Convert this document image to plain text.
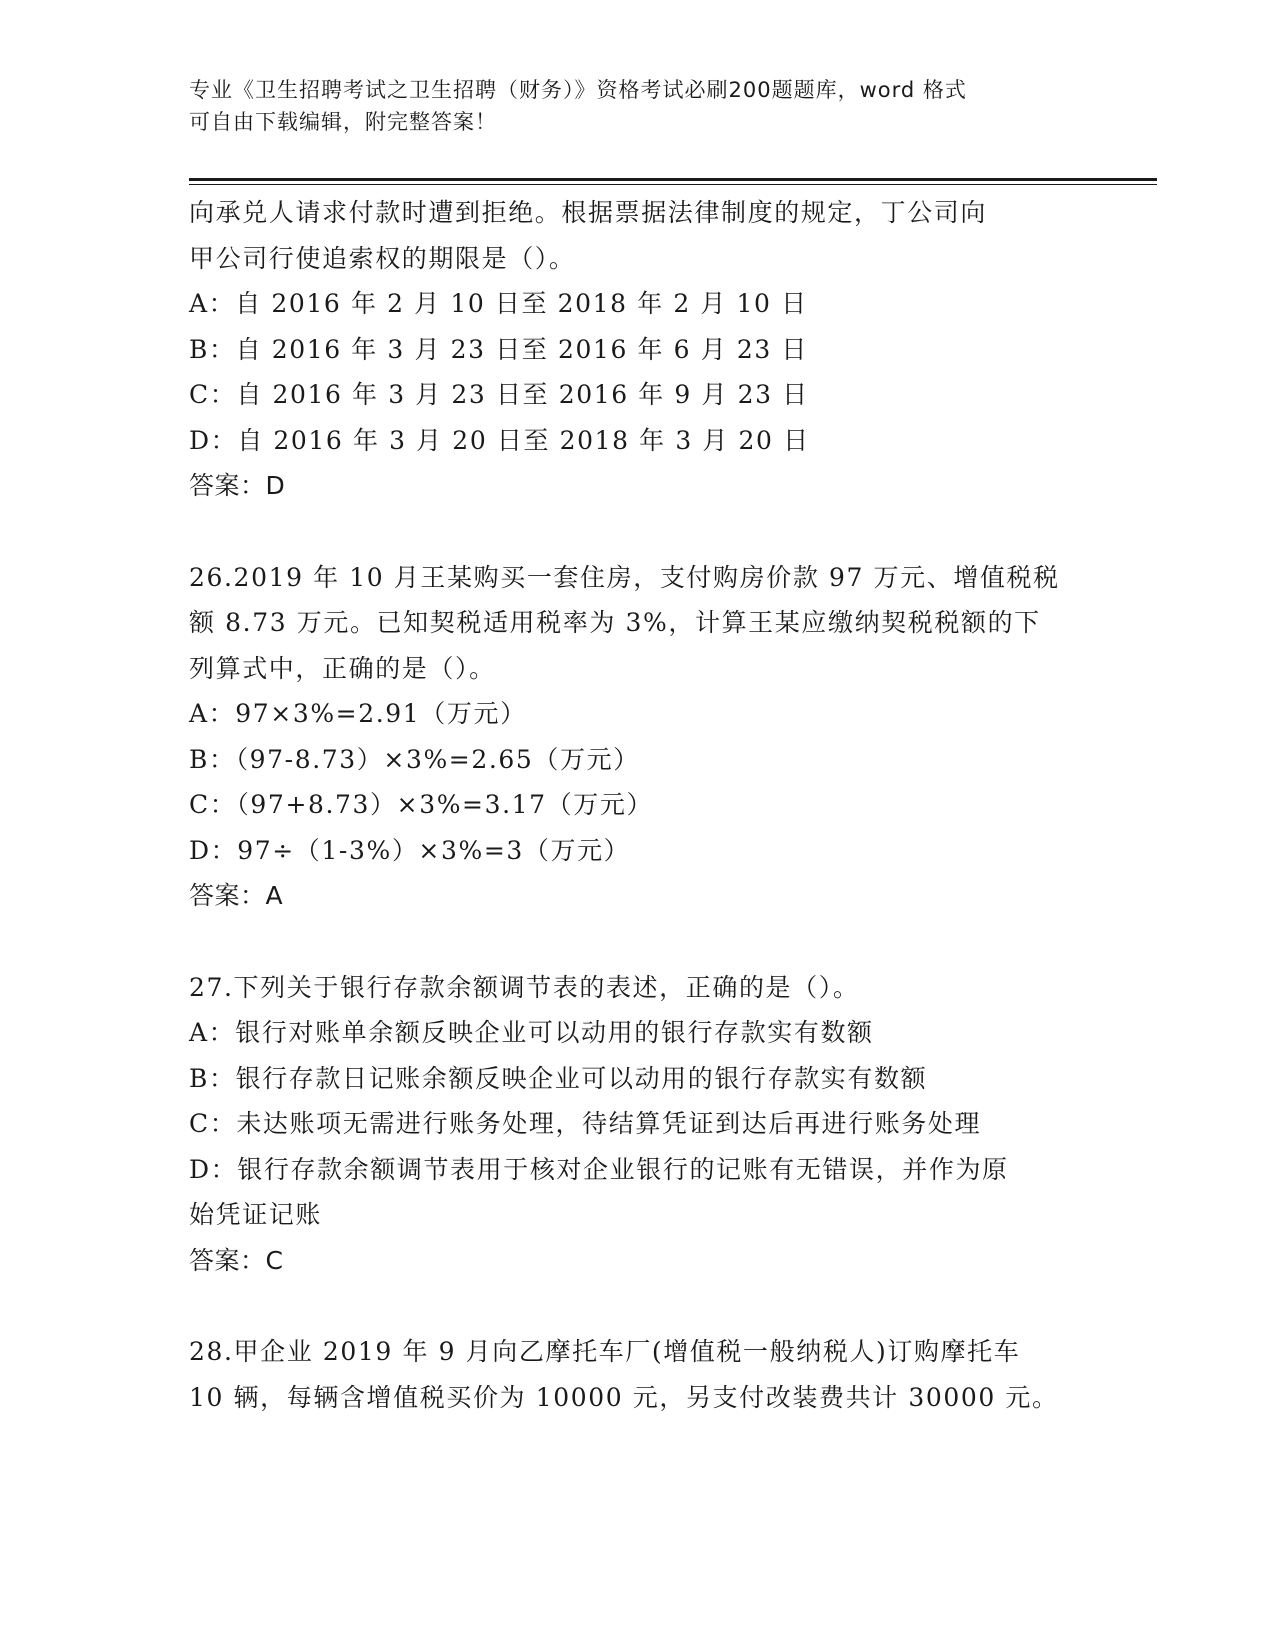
专业《卫生招聘考试之卫生招聘（财务）》资格考试必刷200题题库，word 格式
可自由下载编辑，附完整答案！
向承兑人请求付款时遭到拒绝。根据票据法律制度的规定，丁公司向
甲公司行使追索权的期限是（）。
A：自 2016 年 2 月 10 日至 2018 年 2 月 10 日
B：自 2016 年 3 月 23 日至 2016 年 6 月 23 日
C：自 2016 年 3 月 23 日至 2016 年 9 月 23 日
D：自 2016 年 3 月 20 日至 2018 年 3 月 20 日
答案：D
26.2019 年 10 月王某购买一套住房，支付购房价款 97 万元、增值税税
额 8.73 万元。已知契税适用税率为 3%，计算王某应缴纳契税税额的下
列算式中，正确的是（）。
A：97×3%=2.91（万元）
B：（97-8.73）×3%=2.65（万元）
C：（97+8.73）×3%=3.17（万元）
D：97÷（1-3%）×3%=3（万元）
答案：A
27.下列关于银行存款余额调节表的表述，正确的是（）。
A：银行对账单余额反映企业可以动用的银行存款实有数额
B：银行存款日记账余额反映企业可以动用的银行存款实有数额
C：未达账项无需进行账务处理，待结算凭证到达后再进行账务处理
D：银行存款余额调节表用于核对企业银行的记账有无错误，并作为原
始凭证记账
答案：C
28.甲企业 2019 年 9 月向乙摩托车厂(增值税一般纳税人)订购摩托车
10 辆，每辆含增值税买价为 10000 元，另支付改装费共计 30000 元。
